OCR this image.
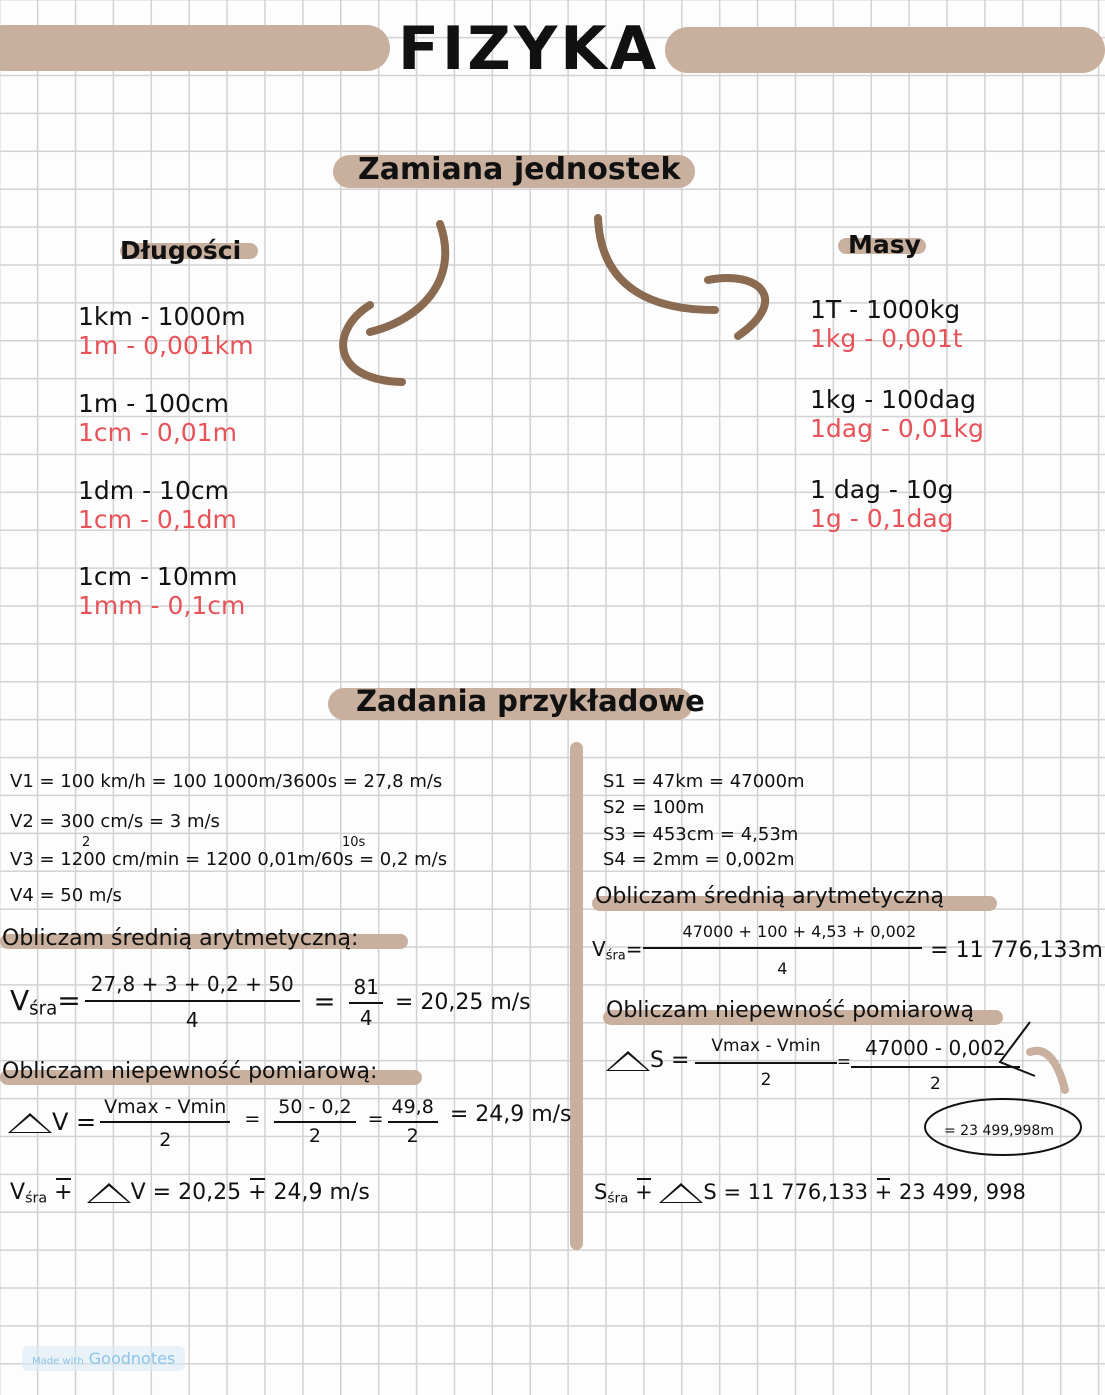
FIZYKA
Zamiana jednostek
Długości
1km - 1000m
1m - 0,001km
1m - 100cm
1cm - 0,01m
1dm - 10cm
1cm - 0,1dm
1cm - 10mm
1mm - 0,1cm
Masy
1T - 1000kg
1kg - 0,001t
1kg - 100dag
1dag - 0,01kg
1 dag - 10g
1g - 0,1dag
Zadania przykładowe
V1 = 100 km/h = 100 1000m/3600s = 27,8 m/s
V2 = 300 cm/s = 3 m/s
2	10s
V3 = 1200 cm/min = 1200 0,01m/60s = 0,2 m/s
V4 = 50 m/s
Obliczam średnią arytmetyczną:
$V_{śra}= \frac{27,8 + 3 + 0,2 + 50}{4} = \frac{81}{4} = 20,25$ m/s
Obliczam niepewność pomiarową:
$V = \frac{Vmax - Vmin}{2} = \frac{50 - 0,2}{2} = \frac{49,8}{2} = 24,9$ m/s
$V_{śra}$ +	V = 20,25 + 24,9 m/s
S1 = 47km = 47000m
S2 = 100m
S3 = 453cm = 4,53m
S4 = 2mm = 0,002m
Obliczam średnią arytmetyczną
$V_{śra}= \frac{47000 + 100 + 4,53 + 0,002}{4} = 11$ 776,133m
Obliczam niepewność pomiarową
$S = \frac{Vmax - Vmin}{2} = \frac{47000 - 0,002}{2}$
= 23 499,998m
$S_{śra} + S = 11$ 776,133 + 23 499, 998
Made with Goodnotes
